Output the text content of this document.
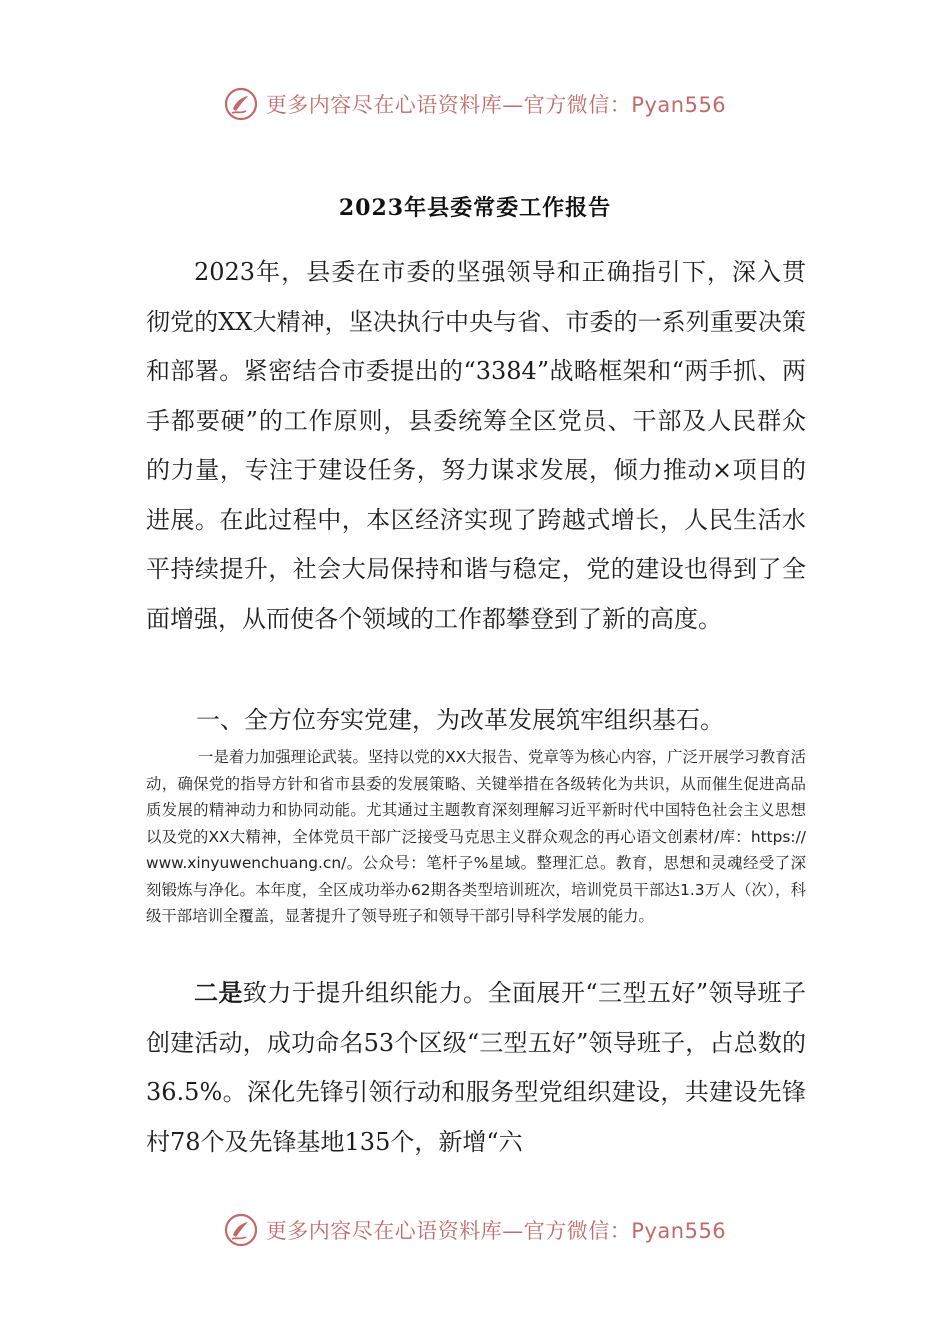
更多内容尽在心语资料库—官方微信：Pyan556
2023年县委常委工作报告

2023年，县委在市委的坚强领导和正确指引下，深入贯彻党的XX大精神，坚决执行中央与省、市委的一系列重要决策和部署。紧密结合市委提出的“3384”战略框架和“两手抓、两手都要硬”的工作原则，县委统筹全区党员、干部及人民群众的力量，专注于建设任务，努力谋求发展，倾力推动×项目的进展。在此过程中，本区经济实现了跨越式增长，人民生活水平持续提升，社会大局保持和谐与稳定，党的建设也得到了全面增强，从而使各个领域的工作都攀登到了新的高度。

一、全方位夯实党建，为改革发展筑牢组织基石。

一是着力加强理论武装。坚持以党的XX大报告、党章等为核心内容，广泛开展学习教育活动，确保党的指导方针和省市县委的发展策略、关键举措在各级转化为共识，从而催生促进高品质发展的精神动力和协同动能。尤其通过主题教育深刻理解习近平新时代中国特色社会主义思想以及党的XX大精神，全体党员干部广泛接受马克思主义群众观念的再心语文创素材/库：https://www.xinyuwenchuang.cn/。公众号：笔杆子%星域。整理汇总。教育，思想和灵魂经受了深刻锻炼与净化。本年度，全区成功举办62期各类型培训班次，培训党员干部达1.3万人（次），科级干部培训全覆盖，显著提升了领导班子和领导干部引导科学发展的能力。

二是致力于提升组织能力。全面展开“三型五好”领导班子创建活动，成功命名53个区级“三型五好”领导班子，占总数的36.5%。深化先锋引领行动和服务型党组织建设，共建设先锋村78个及先锋基地135个，新增“六

更多内容尽在心语资料库—官方微信：Pyan556
